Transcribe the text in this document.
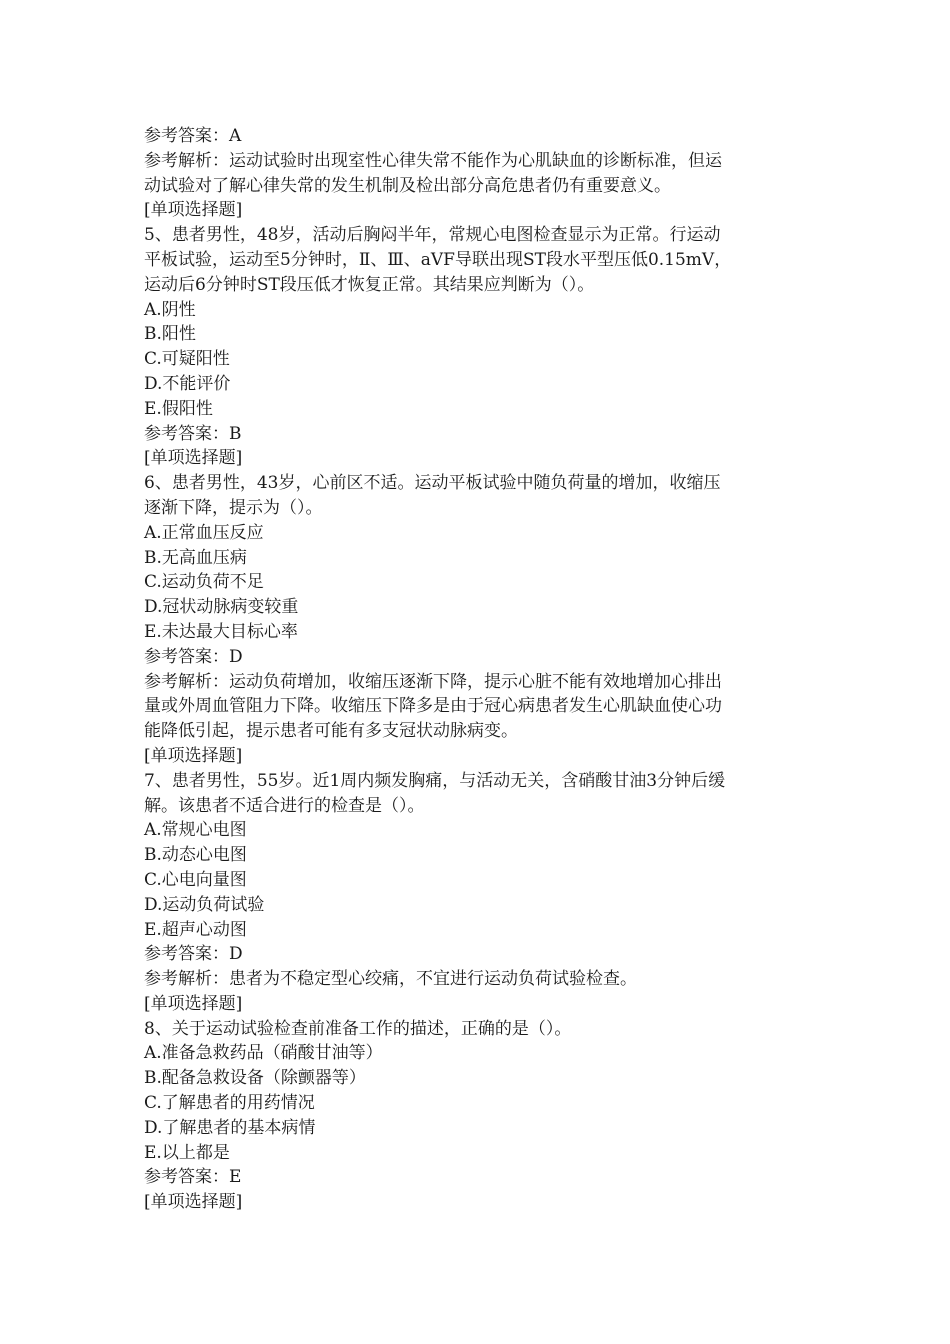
参考答案：A
参考解析：运动试验时出现室性心律失常不能作为心肌缺血的诊断标准，但运
动试验对了解心律失常的发生机制及检出部分高危患者仍有重要意义。
[单项选择题]
5、患者男性，48岁，活动后胸闷半年，常规心电图检查显示为正常。行运动
平板试验，运动至5分钟时，Ⅱ、Ⅲ、aVF导联出现ST段水平型压低0.15mV，
运动后6分钟时ST段压低才恢复正常。其结果应判断为（）。
A.阴性
B.阳性
C.可疑阳性
D.不能评价
E.假阳性
参考答案：B
[单项选择题]
6、患者男性，43岁，心前区不适。运动平板试验中随负荷量的增加，收缩压
逐渐下降，提示为（）。
A.正常血压反应
B.无高血压病
C.运动负荷不足
D.冠状动脉病变较重
E.未达最大目标心率
参考答案：D
参考解析：运动负荷增加，收缩压逐渐下降，提示心脏不能有效地增加心排出
量或外周血管阻力下降。收缩压下降多是由于冠心病患者发生心肌缺血使心功
能降低引起，提示患者可能有多支冠状动脉病变。
[单项选择题]
7、患者男性，55岁。近1周内频发胸痛，与活动无关，含硝酸甘油3分钟后缓
解。该患者不适合进行的检查是（）。
A.常规心电图
B.动态心电图
C.心电向量图
D.运动负荷试验
E.超声心动图
参考答案：D
参考解析：患者为不稳定型心绞痛，不宜进行运动负荷试验检查。
[单项选择题]
8、关于运动试验检查前准备工作的描述，正确的是（）。
A.准备急救药品（硝酸甘油等）
B.配备急救设备（除颤器等）
C.了解患者的用药情况
D.了解患者的基本病情
E.以上都是
参考答案：E
[单项选择题]
